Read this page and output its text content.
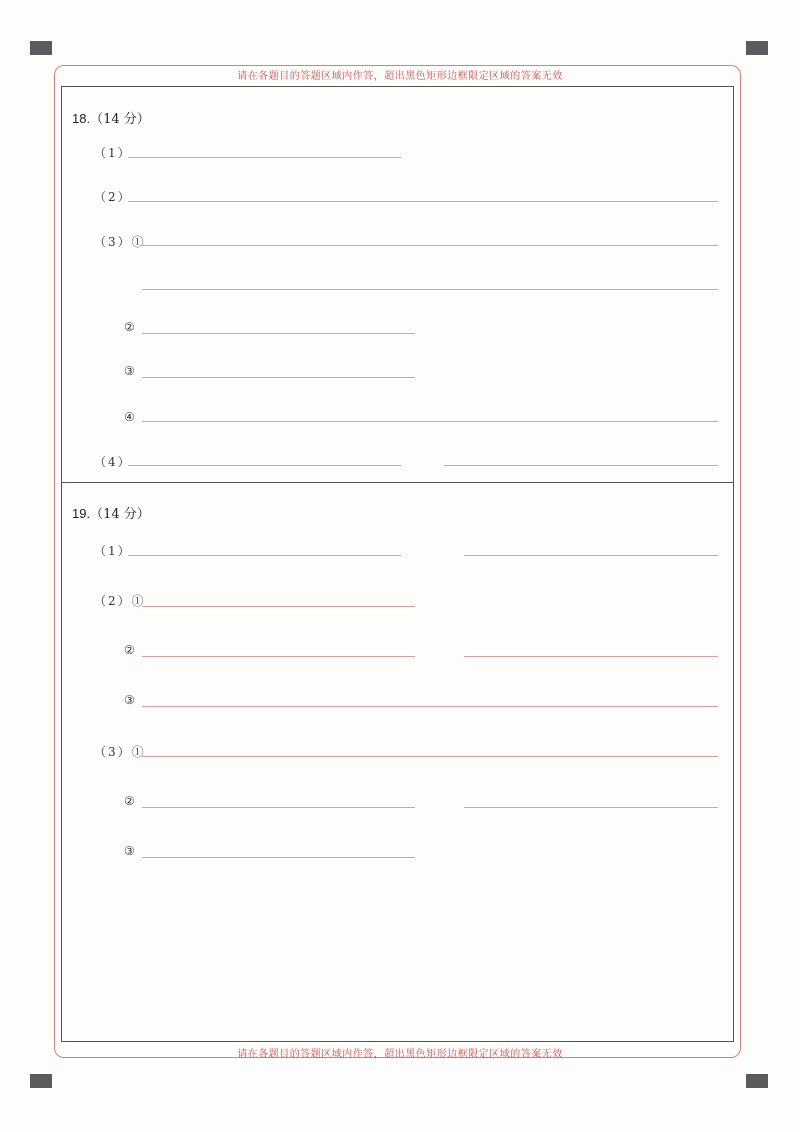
请在各题目的答题区域内作答，超出黑色矩形边框限定区域的答案无效
请在各题目的答题区域内作答，超出黑色矩形边框限定区域的答案无效
18.（14 分）
（1）
（2）
（3）①
②
③
④
（4）
19.（14 分）
（1）
（2）①
②
③
（3）①
②
③
